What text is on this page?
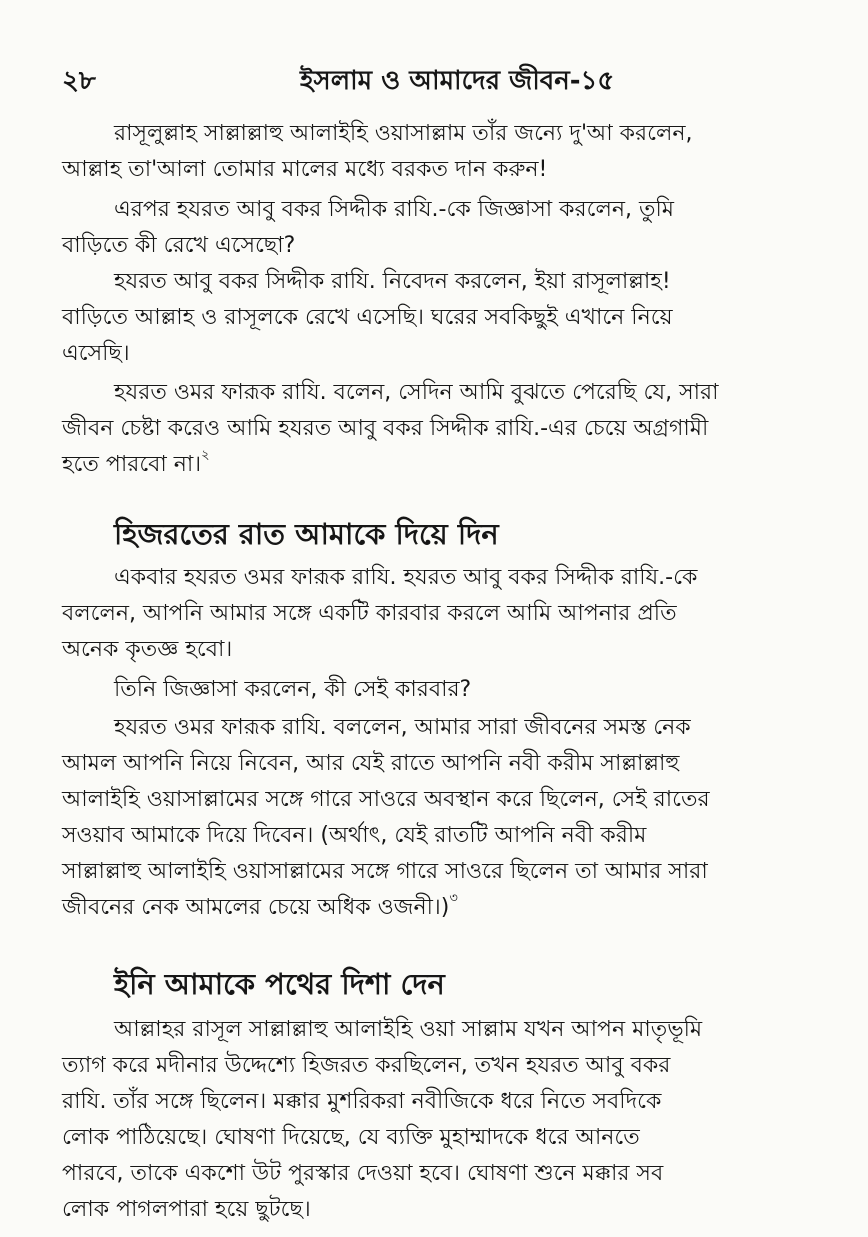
২৮	ইসলাম ও আমাদের জীবন-১৫
রাসূলুল্লাহ সাল্লাল্লাহু আলাইহি ওয়াসাল্লাম তাঁর জন্যে দু'আ করলেন,
আল্লাহ তা'আলা তোমার মালের মধ্যে বরকত দান করুন!
এরপর হযরত আবু বকর সিদ্দীক রাযি.-কে জিজ্ঞাসা করলেন, তুমি
বাড়িতে কী রেখে এসেছো?
হযরত আবু বকর সিদ্দীক রাযি. নিবেদন করলেন, ইয়া রাসূলাল্লাহ!
বাড়িতে আল্লাহ ও রাসূলকে রেখে এসেছি। ঘরের সবকিছুই এখানে নিয়ে
এসেছি।
হযরত ওমর ফারূক রাযি. বলেন, সেদিন আমি বুঝতে পেরেছি যে, সারা
জীবন চেষ্টা করেও আমি হযরত আবু বকর সিদ্দীক রাযি.-এর চেয়ে অগ্রগামী
হতে পারবো না।$^২$
হিজরতের রাত আমাকে দিয়ে দিন
একবার হযরত ওমর ফারূক রাযি. হযরত আবু বকর সিদ্দীক রাযি.-কে
বললেন, আপনি আমার সঙ্গে একটি কারবার করলে আমি আপনার প্রতি
অনেক কৃতজ্ঞ হবো।
তিনি জিজ্ঞাসা করলেন, কী সেই কারবার?
হযরত ওমর ফারূক রাযি. বললেন, আমার সারা জীবনের সমস্ত নেক
আমল আপনি নিয়ে নিবেন, আর যেই রাতে আপনি নবী করীম সাল্লাল্লাহু
আলাইহি ওয়াসাল্লামের সঙ্গে গারে সাওরে অবস্থান করে ছিলেন, সেই রাতের
সওয়াব আমাকে দিয়ে দিবেন। (অর্থাৎ, যেই রাতটি আপনি নবী করীম
সাল্লাল্লাহু আলাইহি ওয়াসাল্লামের সঙ্গে গারে সাওরে ছিলেন তা আমার সারা
জীবনের নেক আমলের চেয়ে অধিক ওজনী।)$^৩$
ইনি আমাকে পথের দিশা দেন
আল্লাহর রাসূল সাল্লাল্লাহু আলাইহি ওয়া সাল্লাম যখন আপন মাতৃভূমি
ত্যাগ করে মদীনার উদ্দেশ্যে হিজরত করছিলেন, তখন হযরত আবু বকর
রাযি. তাঁর সঙ্গে ছিলেন। মক্কার মুশরিকরা নবীজিকে ধরে নিতে সবদিকে
লোক পাঠিয়েছে। ঘোষণা দিয়েছে, যে ব্যক্তি মুহাম্মাদকে ধরে আনতে
পারবে, তাকে একশো উট পুরস্কার দেওয়া হবে। ঘোষণা শুনে মক্কার সব
লোক পাগলপারা হয়ে ছুটছে।
